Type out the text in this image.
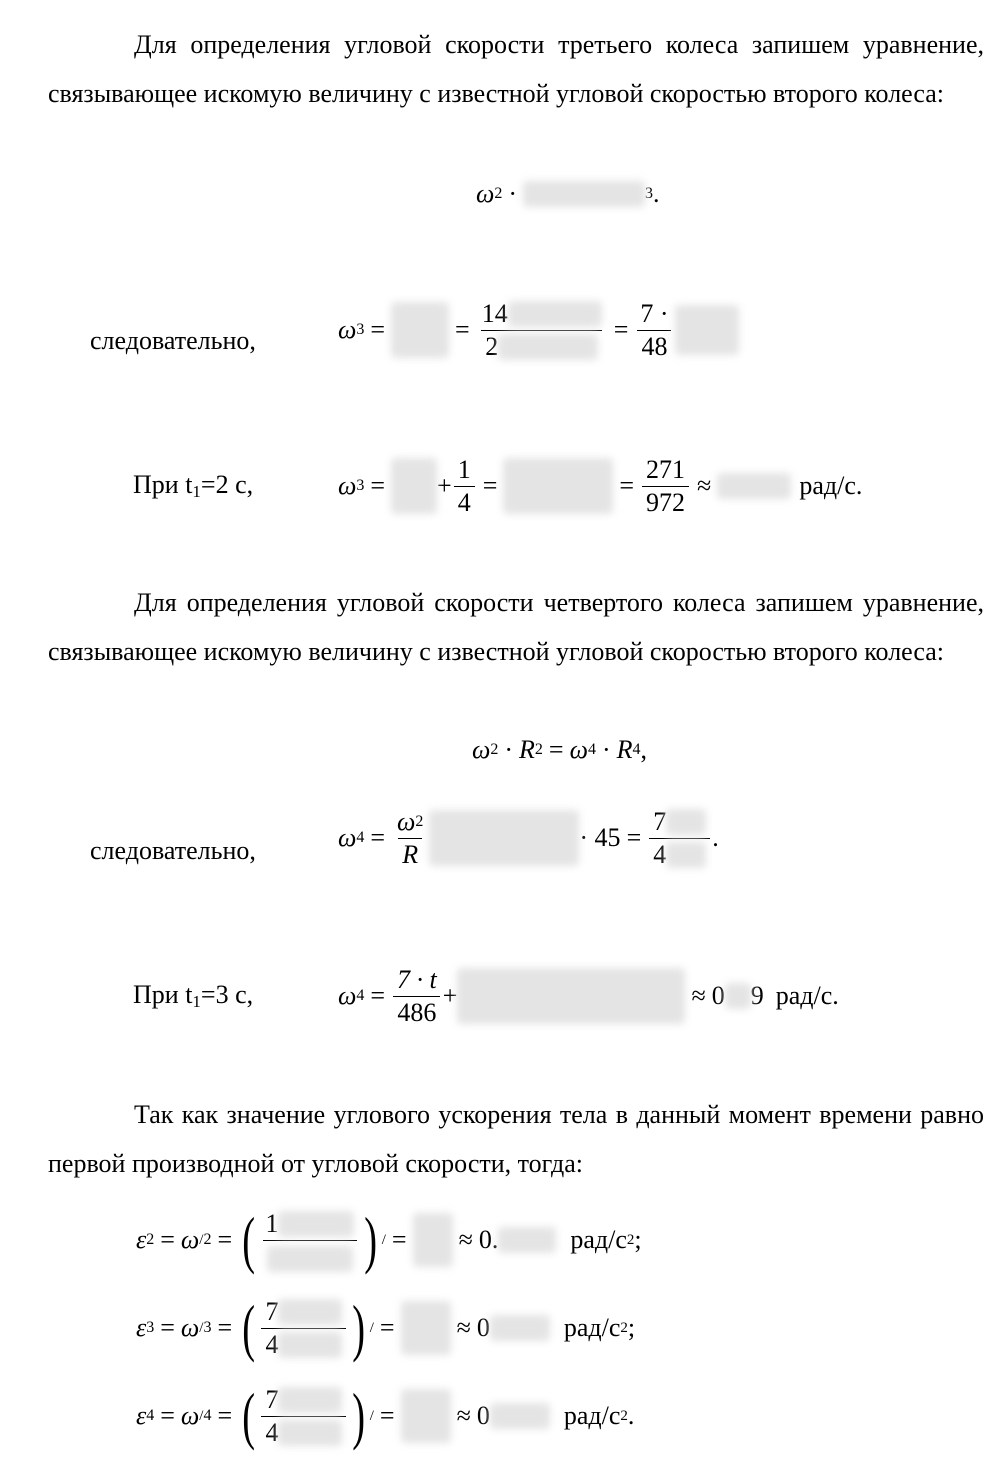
Для определения угловой скорости третьего колеса запишем уравнение, связывающее искомую величину с известной угловой скоростью второго колеса:

ω 2 ·	3 .
следовательно,	ω 3 =	= $\frac{14}{2} = \frac{7 \cdot}{48}$
При $t_1=2$ с,	ω 3 = + $\frac{1}{4}$ =	= $\frac{271}{972}$ ≈	рад/с.

Для определения угловой скорости четвертого колеса запишем уравнение, связывающее искомую величину с известной угловой скоростью второго колеса:

ω 2 · R 2 = ω 4 · R 4 ,
следовательно,	ω $4 = \frac{\omega 2}{R}$	· $45 = \frac{7}{4}$ .
При $t_1=3$ с,	ω $4 = \frac{7 \cdot t}{486}$ +	≈ 0 9 рад/с.

Так как значение углового ускорения тела в данный момент времени равно первой производной от угловой скорости, тогда:

ε 2 = ω / 2 = ( 1 ) / = ≈ 0.	рад/с 2 ;
ε 3 = ω / 3 = ( $\frac{7}{4}$ ) / = ≈ 0	рад/с 2 ;
ε 4 = ω / 4 = ( $\frac{7}{4}$ ) / = ≈ 0	рад/с 2 .
